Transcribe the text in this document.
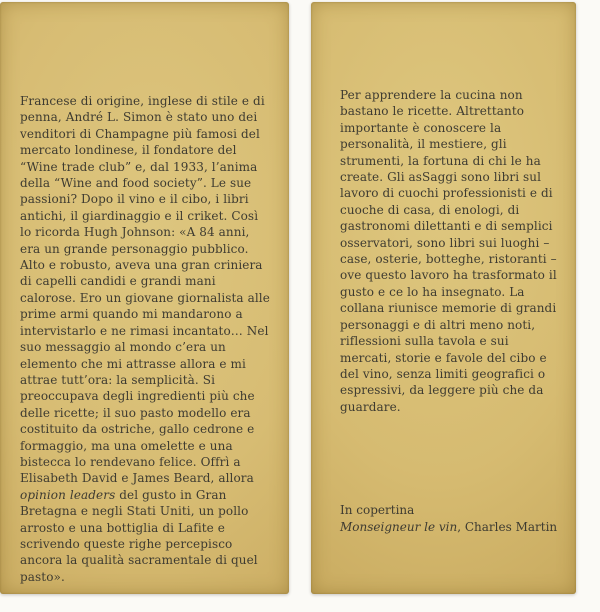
Francese di origine, inglese di stile e di penna, André L. Simon è stato uno dei venditori di Champagne più famosi del mercato londinese, il fondatore del “Wine trade club” e, dal 1933, l’anima della “Wine and food society”. Le sue passioni? Dopo il vino e il cibo, i libri antichi, il giardinaggio e il criket. Così lo ricorda Hugh Johnson: «A 84 anni, era un grande personaggio pubblico. Alto e robusto, aveva una gran criniera di capelli candidi e grandi mani calorose. Ero un giovane giornalista alle prime armi quando mi mandarono a intervistarlo e ne rimasi incantato… Nel suo messaggio al mondo c’era un elemento che mi attrasse allora e mi attrae tutt’ora: la semplicità. Si preoccupava degli ingredienti più che delle ricette; il suo pasto modello era costituito da ostriche, gallo cedrone e formaggio, ma una omelette e una bistecca lo rendevano felice. Offrì a Elisabeth David e James Beard, allora opinion leaders del gusto in Gran Bretagna e negli Stati Uniti, un pollo arrosto e una bottiglia di Lafite e scrivendo queste righe percepisco ancora la qualità sacramentale di quel pasto».

Per apprendere la cucina non bastano le ricette. Altrettanto importante è conoscere la personalità, il mestiere, gli strumenti, la fortuna di chi le ha create. Gli asSaggi sono libri sul lavoro di cuochi professionisti e di cuoche di casa, di enologi, di gastronomi dilettanti e di semplici osservatori, sono libri sui luoghi – case, osterie, botteghe, ristoranti – ove questo lavoro ha trasformato il gusto e ce lo ha insegnato. La collana riunisce memorie di grandi personaggi e di altri meno noti, riflessioni sulla tavola e sui mercati, storie e favole del cibo e del vino, senza limiti geografici o espressivi, da leggere più che da guardare.

In copertina
Monseigneur le vin, Charles Martin
